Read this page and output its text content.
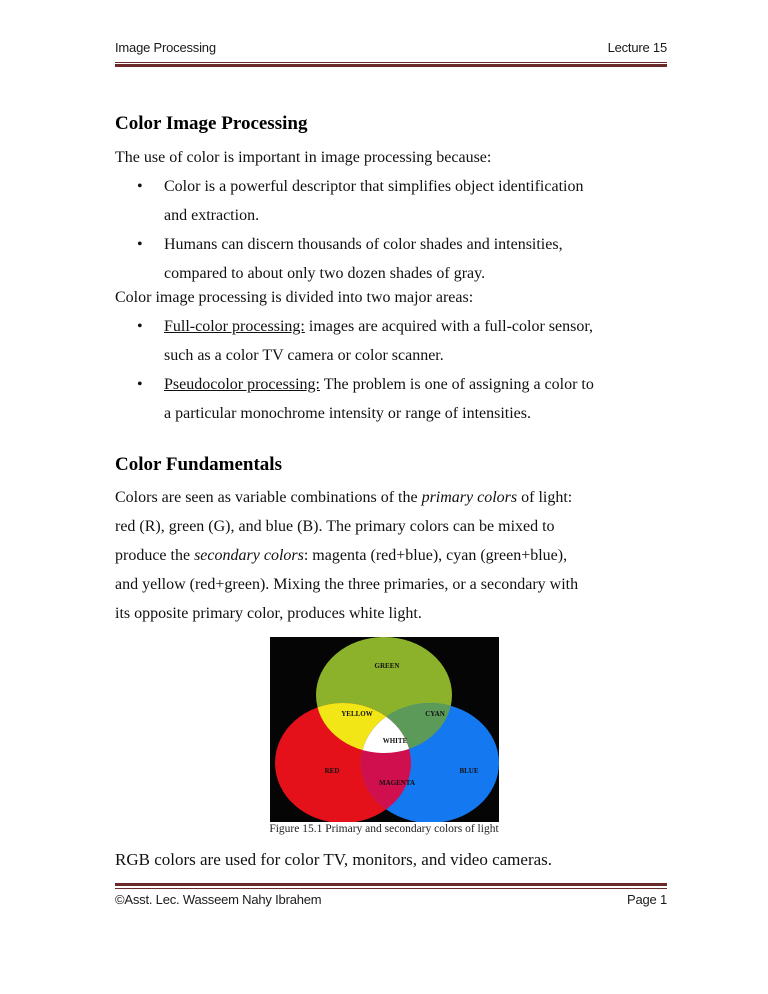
Image Processing	Lecture 15
Color Image Processing

The use of color is important in image processing because:

•	Color is a powerful descriptor that simplifies object identification
and extraction.
•	Humans can discern thousands of color shades and intensities,
compared to about only two dozen shades of gray.

Color image processing is divided into two major areas:

•	Full-color processing: images are acquired with a full-color sensor,
such as a color TV camera or color scanner.
•	Pseudocolor processing: The problem is one of assigning a color to
a particular monochrome intensity or range of intensities.
Color Fundamentals
Colors are seen as variable combinations of the primary colors of light:
red (R), green (G), and blue (B). The primary colors can be mixed to
produce the secondary colors: magenta (red+blue), cyan (green+blue),
and yellow (red+green). Mixing the three primaries, or a secondary with
its opposite primary color, produces white light.
GREEN
YELLOW	CYAN
WHITE
RED	BLUE
MAGENTA
Figure 15.1 Primary and secondary colors of light

RGB colors are used for color TV, monitors, and video cameras.

©Asst. Lec. Wasseem Nahy Ibrahem	Page 1
